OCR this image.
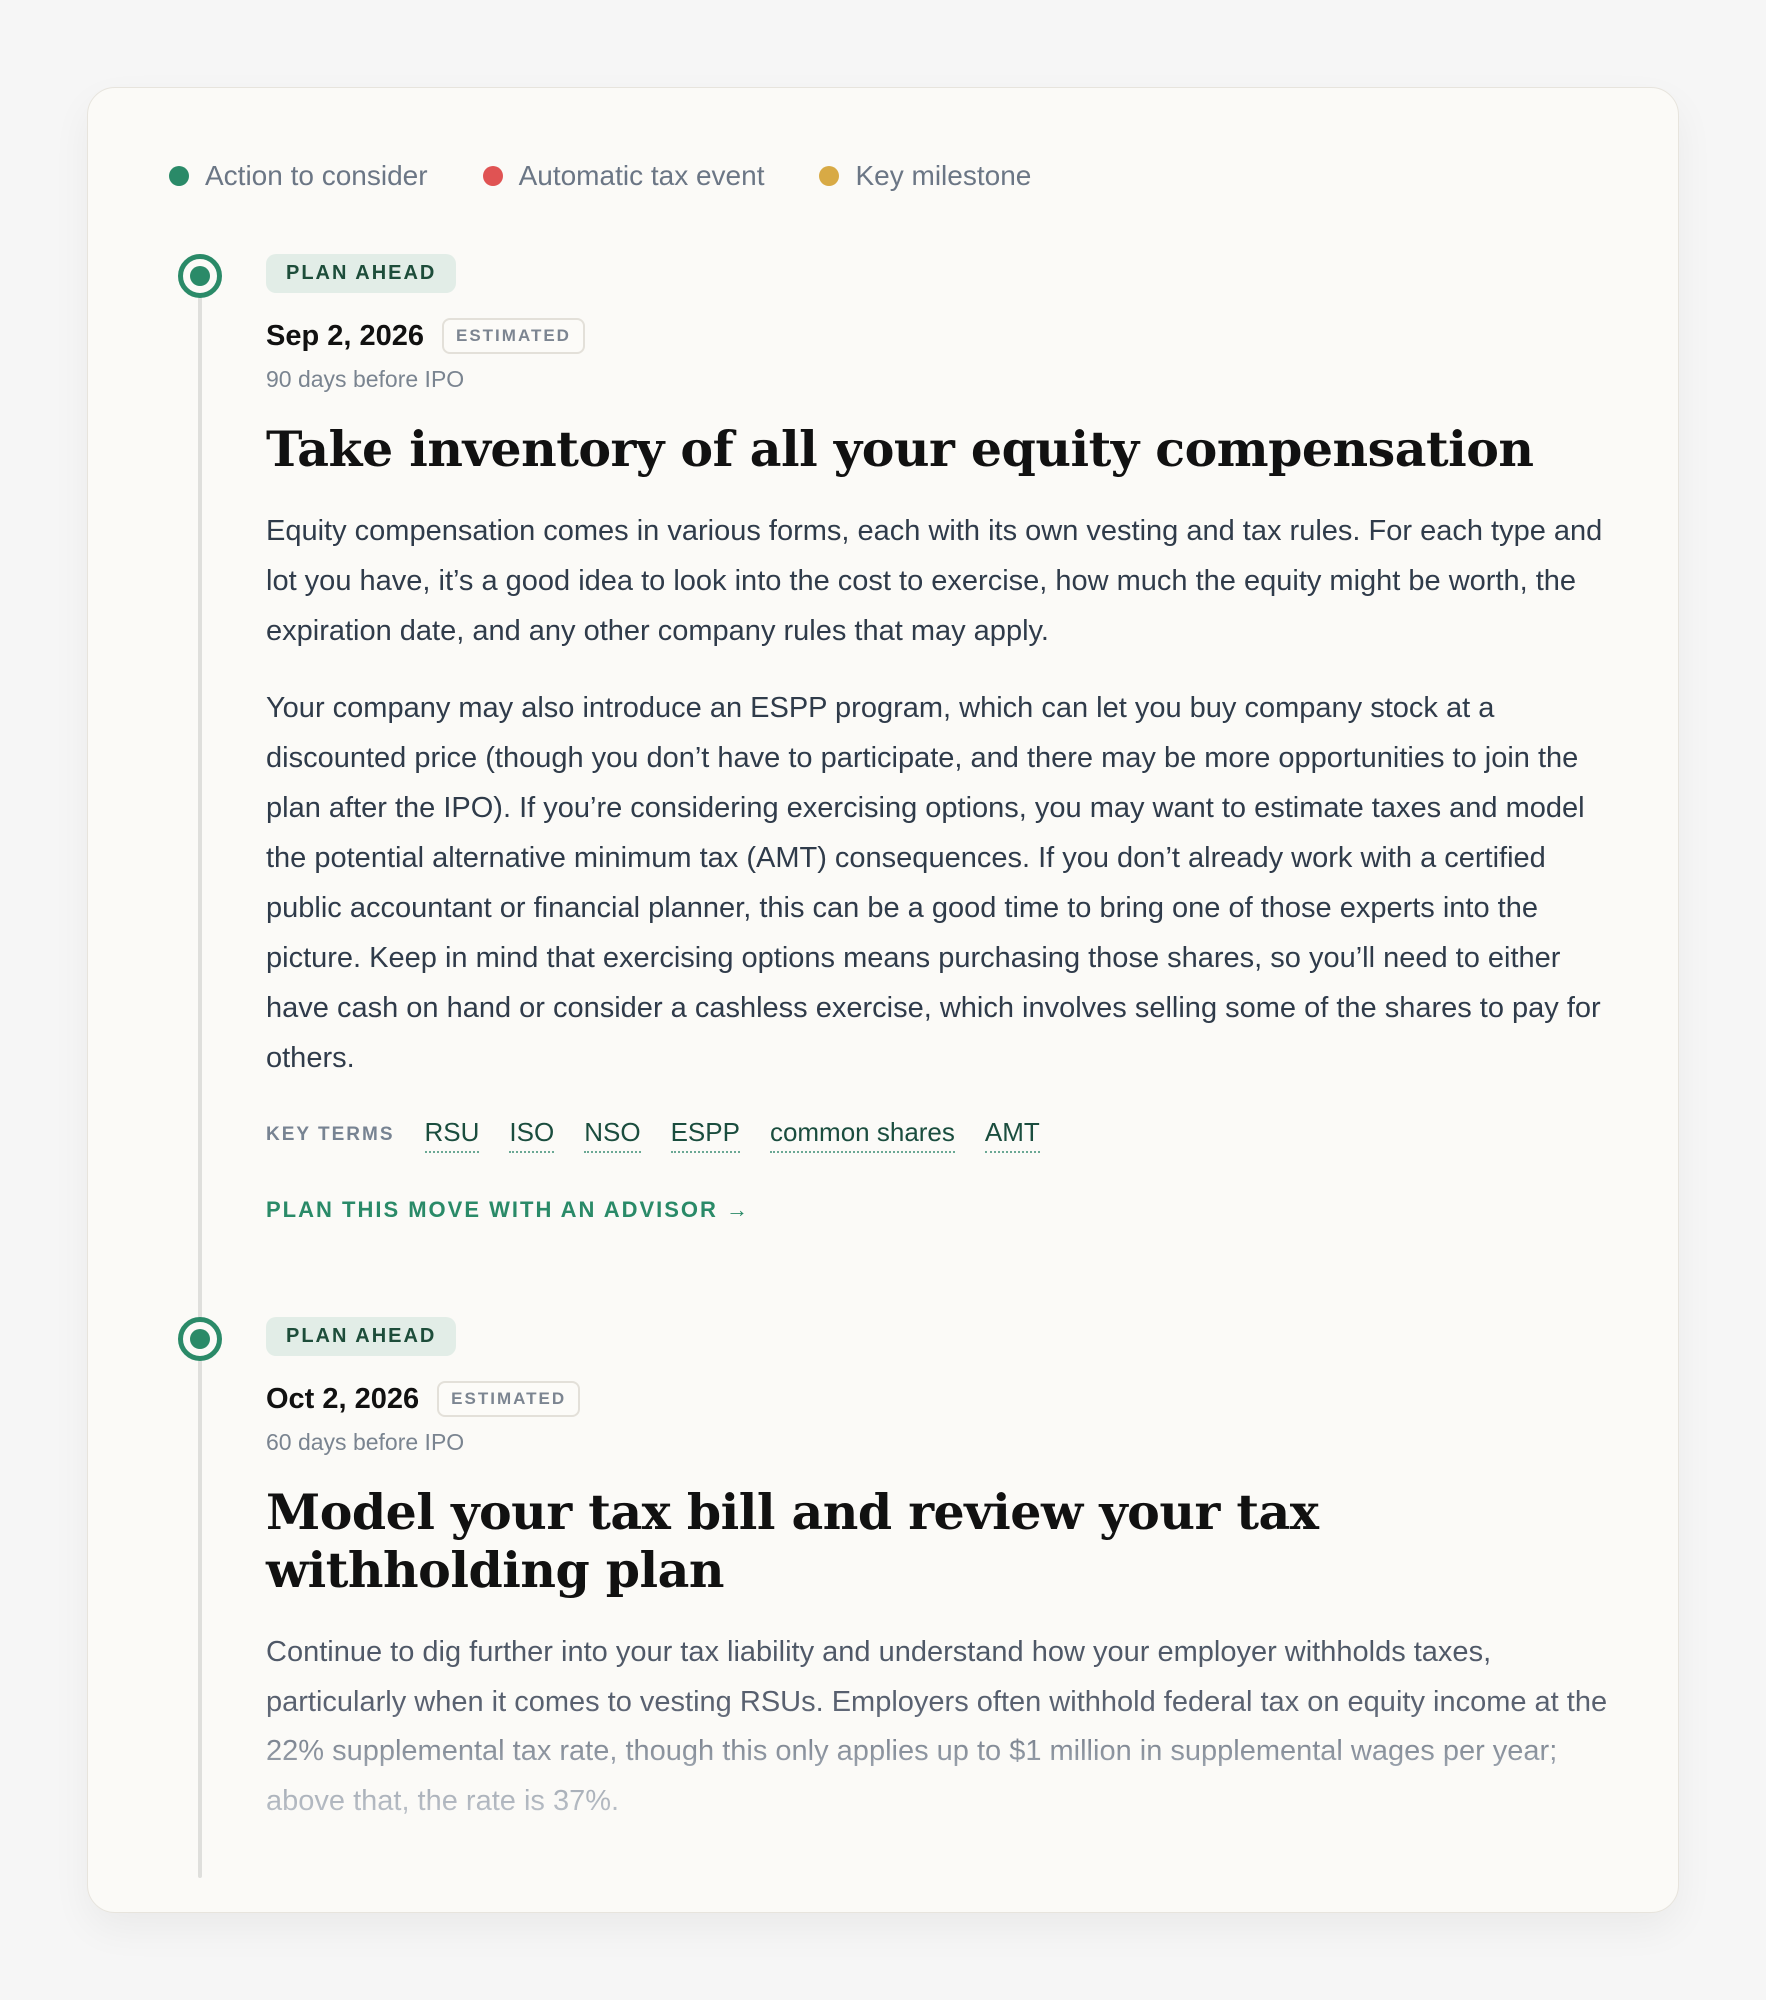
Action to consider	Automatic tax event	Key milestone
PLAN AHEAD
Sep 2, 2026	ESTIMATED
90 days before IPO
Take inventory of all your equity compensation
Equity compensation comes in various forms, each with its own vesting and tax rules. For each type and lot you have, it’s a good idea to look into the cost to exercise, how much the equity might be worth, the expiration date, and any other company rules that may apply.
Your company may also introduce an ESPP program, which can let you buy company stock at a discounted price (though you don’t have to participate, and there may be more opportunities to join the plan after the IPO). If you’re considering exercising options, you may want to estimate taxes and model the potential alternative minimum tax (AMT) consequences. If you don’t already work with a certified public accountant or financial planner, this can be a good time to bring one of those experts into the picture. Keep in mind that exercising options means purchasing those shares, so you’ll need to either have cash on hand or consider a cashless exercise, which involves selling some of the shares to pay for others.
KEY TERMS RSU ISO NSO ESPP common shares AMT
PLAN THIS MOVE WITH AN ADVISOR →
PLAN AHEAD
Oct 2, 2026	ESTIMATED
60 days before IPO
Model your tax bill and review your tax withholding plan
Continue to dig further into your tax liability and understand how your employer withholds taxes, particularly when it comes to vesting RSUs. Employers often withhold federal tax on equity income at the 22% supplemental tax rate, though this only applies up to $1 million in supplemental wages per year; above that, the rate is 37%.
